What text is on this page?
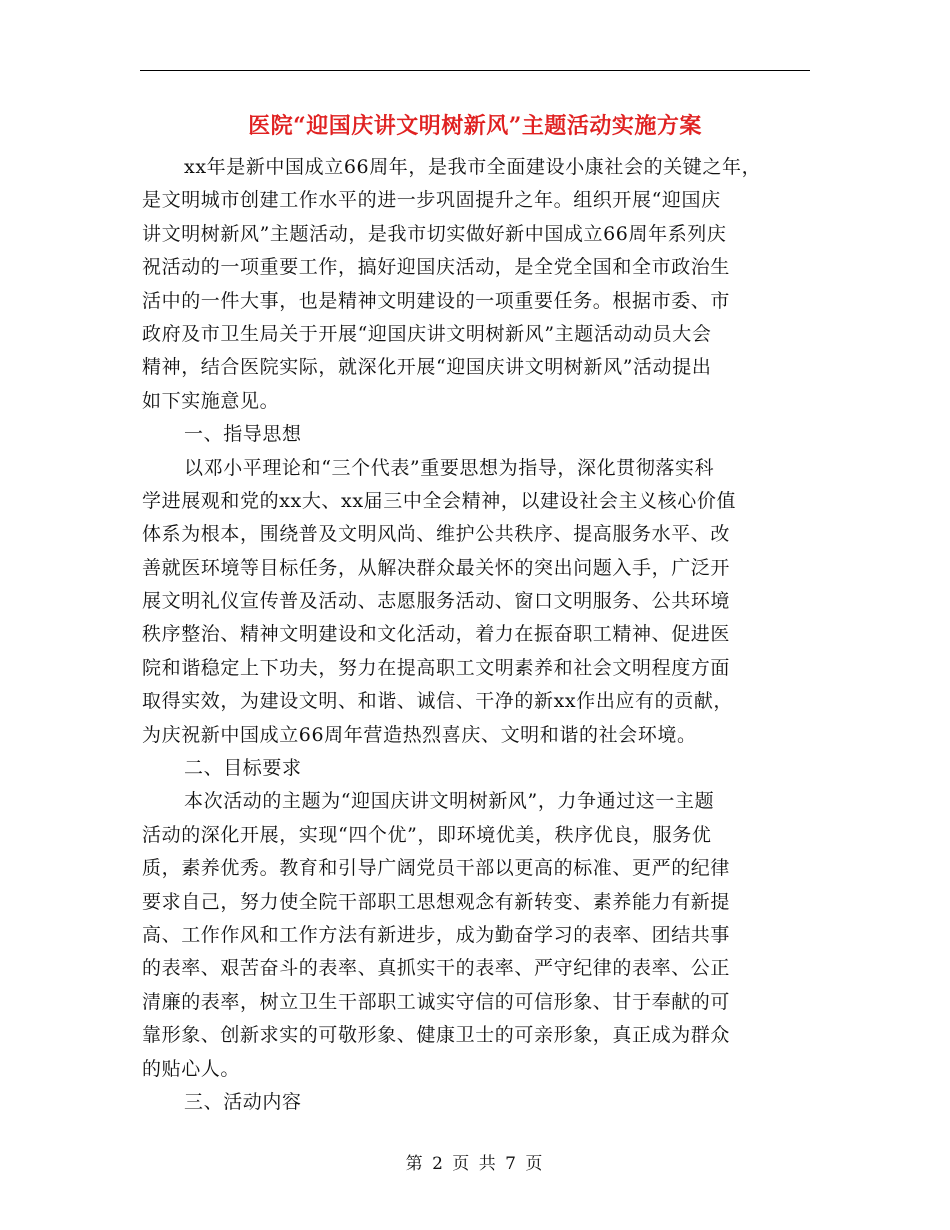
医院“迎国庆讲文明树新风”主题活动实施方案
xx年是新中国成立66周年，是我市全面建设小康社会的关键之年，
是文明城市创建工作水平的进一步巩固提升之年。组织开展“迎国庆
讲文明树新风”主题活动，是我市切实做好新中国成立66周年系列庆
祝活动的一项重要工作，搞好迎国庆活动，是全党全国和全市政治生
活中的一件大事，也是精神文明建设的一项重要任务。根据市委、市
政府及市卫生局关于开展“迎国庆讲文明树新风”主题活动动员大会
精神，结合医院实际，就深化开展“迎国庆讲文明树新风”活动提出
如下实施意见。
一、指导思想
以邓小平理论和“三个代表”重要思想为指导，深化贯彻落实科
学进展观和党的xx大、xx届三中全会精神，以建设社会主义核心价值
体系为根本，围绕普及文明风尚、维护公共秩序、提高服务水平、改
善就医环境等目标任务，从解决群众最关怀的突出问题入手，广泛开
展文明礼仪宣传普及活动、志愿服务活动、窗口文明服务、公共环境
秩序整治、精神文明建设和文化活动，着力在振奋职工精神、促进医
院和谐稳定上下功夫，努力在提高职工文明素养和社会文明程度方面
取得实效，为建设文明、和谐、诚信、干净的新xx作出应有的贡献，
为庆祝新中国成立66周年营造热烈喜庆、文明和谐的社会环境。
二、目标要求
本次活动的主题为“迎国庆讲文明树新风”，力争通过这一主题
活动的深化开展，实现“四个优”，即环境优美，秩序优良，服务优
质，素养优秀。教育和引导广阔党员干部以更高的标准、更严的纪律
要求自己，努力使全院干部职工思想观念有新转变、素养能力有新提
高、工作作风和工作方法有新进步，成为勤奋学习的表率、团结共事
的表率、艰苦奋斗的表率、真抓实干的表率、严守纪律的表率、公正
清廉的表率，树立卫生干部职工诚实守信的可信形象、甘于奉献的可
靠形象、创新求实的可敬形象、健康卫士的可亲形象，真正成为群众
的贴心人。
三、活动内容
第 2 页 共 7 页
